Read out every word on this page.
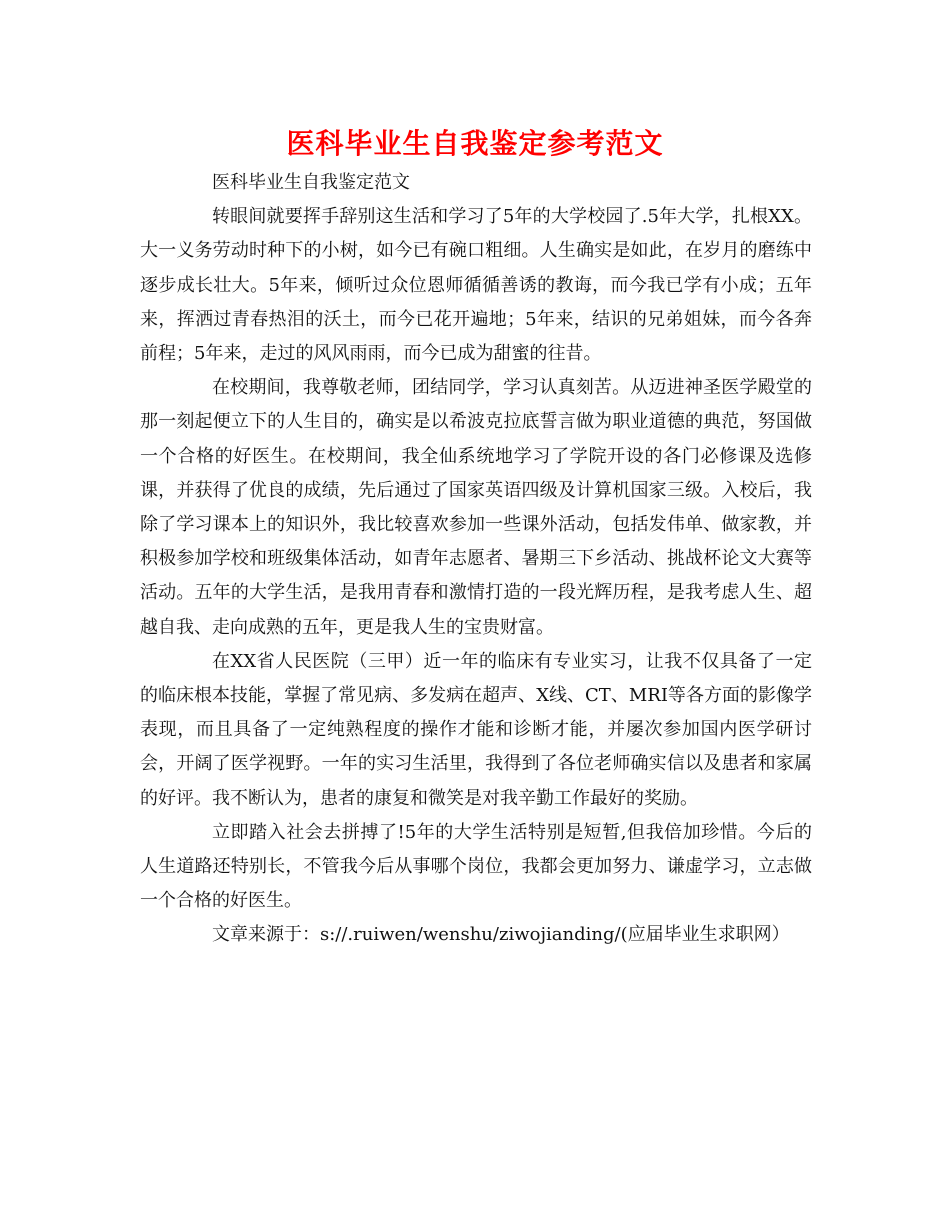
医科毕业生自我鉴定参考范文

医科毕业生自我鉴定范文

转眼间就要挥手辞别这生活和学习了5年的大学校园了.5年大学，扎根XX。大一义务劳动时种下的小树，如今已有碗口粗细。人生确实是如此，在岁月的磨练中逐步成长壮大。5年来，倾听过众位恩师循循善诱的教诲，而今我已学有小成；五年来，挥洒过青春热泪的沃土，而今已花开遍地；5年来，结识的兄弟姐妹，而今各奔前程；5年来，走过的风风雨雨，而今已成为甜蜜的往昔。

在校期间，我尊敬老师，团结同学，学习认真刻苦。从迈进神圣医学殿堂的那一刻起便立下的人生目的，确实是以希波克拉底誓言做为职业道德的典范，努国做一个合格的好医生。在校期间，我全仙系统地学习了学院开设的各门必修课及选修课，并获得了优良的成绩，先后通过了国家英语四级及计算机国家三级。入校后，我除了学习课本上的知识外，我比较喜欢参加一些课外活动，包括发伟单、做家教，并积极参加学校和班级集体活动，如青年志愿者、暑期三下乡活动、挑战杯论文大赛等活动。五年的大学生活，是我用青春和激情打造的一段光辉历程，是我考虑人生、超越自我、走向成熟的五年，更是我人生的宝贵财富。

在XX省人民医院（三甲）近一年的临床有专业实习，让我不仅具备了一定的临床根本技能，掌握了常见病、多发病在超声、X线、CT、MRI等各方面的影像学表现，而且具备了一定纯熟程度的操作才能和诊断才能，并屡次参加国内医学研讨会，开阔了医学视野。一年的实习生活里，我得到了各位老师确实信以及患者和家属的好评。我不断认为，患者的康复和微笑是对我辛勤工作最好的奖励。

立即踏入社会去拼搏了!5年的大学生活特别是短暂,但我倍加珍惜。今后的人生道路还特别长，不管我今后从事哪个岗位，我都会更加努力、谦虚学习，立志做一个合格的好医生。

文章来源于：s://.ruiwen/wenshu/ziwojianding/(应届毕业生求职网）
